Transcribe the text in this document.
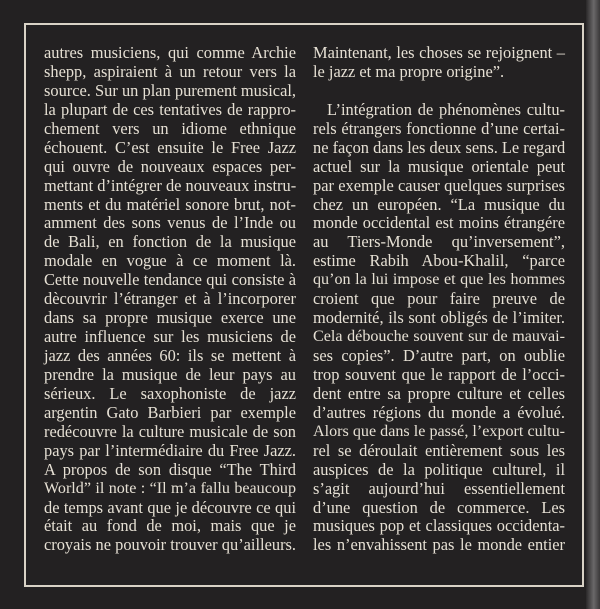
autres musiciens, qui comme Archie
shepp, aspiraient à un retour vers la
source. Sur un plan purement musical,
la plupart de ces tentatives de rappro-
chement vers un idiome ethnique
échouent. C’est ensuite le Free Jazz
qui ouvre de nouveaux espaces per-
mettant d’intégrer de nouveaux instru-
ments et du matériel sonore brut, not-
amment des sons venus de l’Inde ou
de Bali, en fonction de la musique
modale en vogue à ce moment là.
Cette nouvelle tendance qui consiste à
dècouvrir l’étranger et à l’incorporer
dans sa propre musique exerce une
autre influence sur les musiciens de
jazz des années 60: ils se mettent à
prendre la musique de leur pays au
sérieux. Le saxophoniste de jazz
argentin Gato Barbieri par exemple
redécouvre la culture musicale de son
pays par l’intermédiaire du Free Jazz.
A propos de son disque “The Third
World” il note : “Il m’a fallu beaucoup
de temps avant que je découvre ce qui
était au fond de moi, mais que je
croyais ne pouvoir trouver qu’ailleurs.
Maintenant, les choses se rejoignent –
le jazz et ma propre origine”.
L’intégration de phénomènes cultu-
rels étrangers fonctionne d’une certai-
ne façon dans les deux sens. Le regard
actuel sur la musique orientale peut
par exemple causer quelques surprises
chez un européen. “La musique du
monde occidental est moins étrangére
au Tiers-Monde qu’inversement”,
estime Rabih Abou-Khalil, “parce
qu’on la lui impose et que les hommes
croient que pour faire preuve de
modernité, ils sont obligés de l’imiter.
Cela débouche souvent sur de mauvai-
ses copies”. D’autre part, on oublie
trop souvent que le rapport de l’occi-
dent entre sa propre culture et celles
d’autres régions du monde a évolué.
Alors que dans le passé, l’export cultu-
rel se déroulait entièrement sous les
auspices de la politique culturel, il
s’agit aujourd’hui essentiellement
d’une question de commerce. Les
musiques pop et classiques occidenta-
les n’envahissent pas le monde entier
